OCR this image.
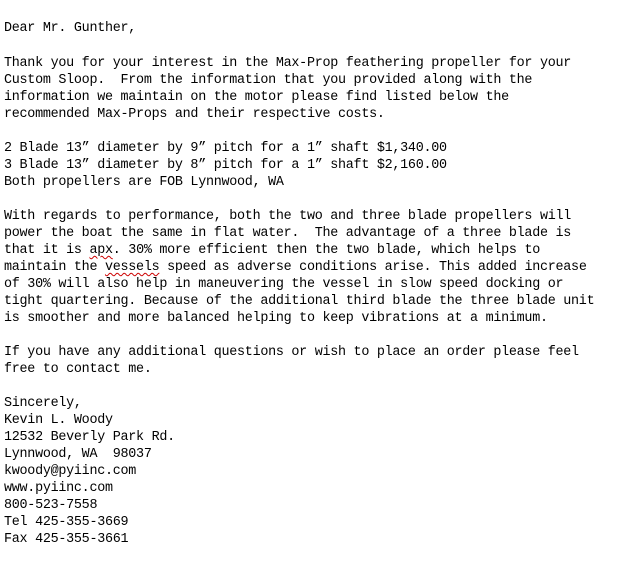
Dear Mr. Gunther,
Thank you for your interest in the Max-Prop feathering propeller for your
Custom Sloop.  From the information that you provided along with the
information we maintain on the motor please find listed below the
recommended Max-Props and their respective costs.
2 Blade 13” diameter by 9” pitch for a 1” shaft $1,340.00
3 Blade 13” diameter by 8” pitch for a 1” shaft $2,160.00
Both propellers are FOB Lynnwood, WA
With regards to performance, both the two and three blade propellers will
power the boat the same in flat water.  The advantage of a three blade is
that it is apx. 30% more efficient then the two blade, which helps to
maintain the vessels speed as adverse conditions arise. This added increase
of 30% will also help in maneuvering the vessel in slow speed docking or
tight quartering. Because of the additional third blade the three blade unit
is smoother and more balanced helping to keep vibrations at a minimum.
If you have any additional questions or wish to place an order please feel
free to contact me.
Sincerely,
Kevin L. Woody
12532 Beverly Park Rd.
Lynnwood, WA  98037
kwoody@pyiinc.com
www.pyiinc.com
800-523-7558
Tel 425-355-3669
Fax 425-355-3661
